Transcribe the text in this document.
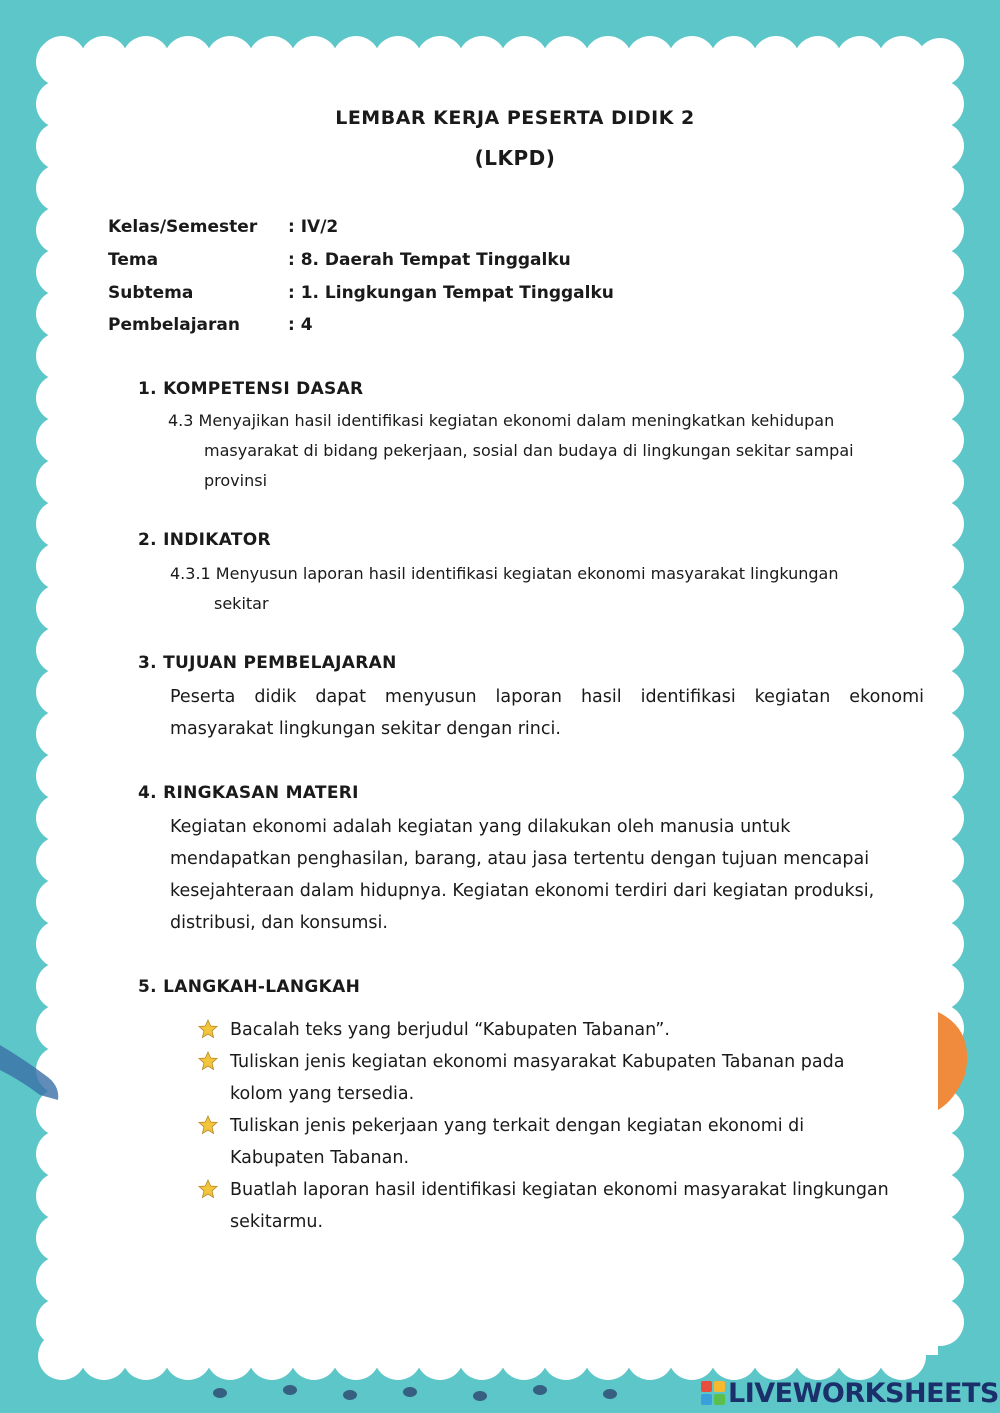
LEMBAR KERJA PESERTA DIDIK 2
(LKPD)
Kelas/Semester : IV/2
Tema	: 8. Daerah Tempat Tinggalku
Subtema	: 1. Lingkungan Tempat Tinggalku
Pembelajaran	: 4
1. KOMPETENSI DASAR
4.3 Menyajikan hasil identifikasi kegiatan ekonomi dalam meningkatkan kehidupan
masyarakat di bidang pekerjaan, sosial dan budaya di lingkungan sekitar sampai
provinsi
2. INDIKATOR
4.3.1 Menyusun laporan hasil identifikasi kegiatan ekonomi masyarakat lingkungan
sekitar
3. TUJUAN PEMBELAJARAN
Peserta didik dapat menyusun laporan hasil identifikasi kegiatan ekonomi
masyarakat lingkungan sekitar dengan rinci.
4. RINGKASAN MATERI
Kegiatan ekonomi adalah kegiatan yang dilakukan oleh manusia untuk
mendapatkan penghasilan, barang, atau jasa tertentu dengan tujuan mencapai
kesejahteraan dalam hidupnya. Kegiatan ekonomi terdiri dari kegiatan produksi,
distribusi, dan konsumsi.
5. LANGKAH-LANGKAH
Bacalah teks yang berjudul “Kabupaten Tabanan”.
Tuliskan jenis kegiatan ekonomi masyarakat Kabupaten Tabanan pada
kolom yang tersedia.
Tuliskan jenis pekerjaan yang terkait dengan kegiatan ekonomi di
Kabupaten Tabanan.
Buatlah laporan hasil identifikasi kegiatan ekonomi masyarakat lingkungan
sekitarmu.
LIVEWORKSHEETS
